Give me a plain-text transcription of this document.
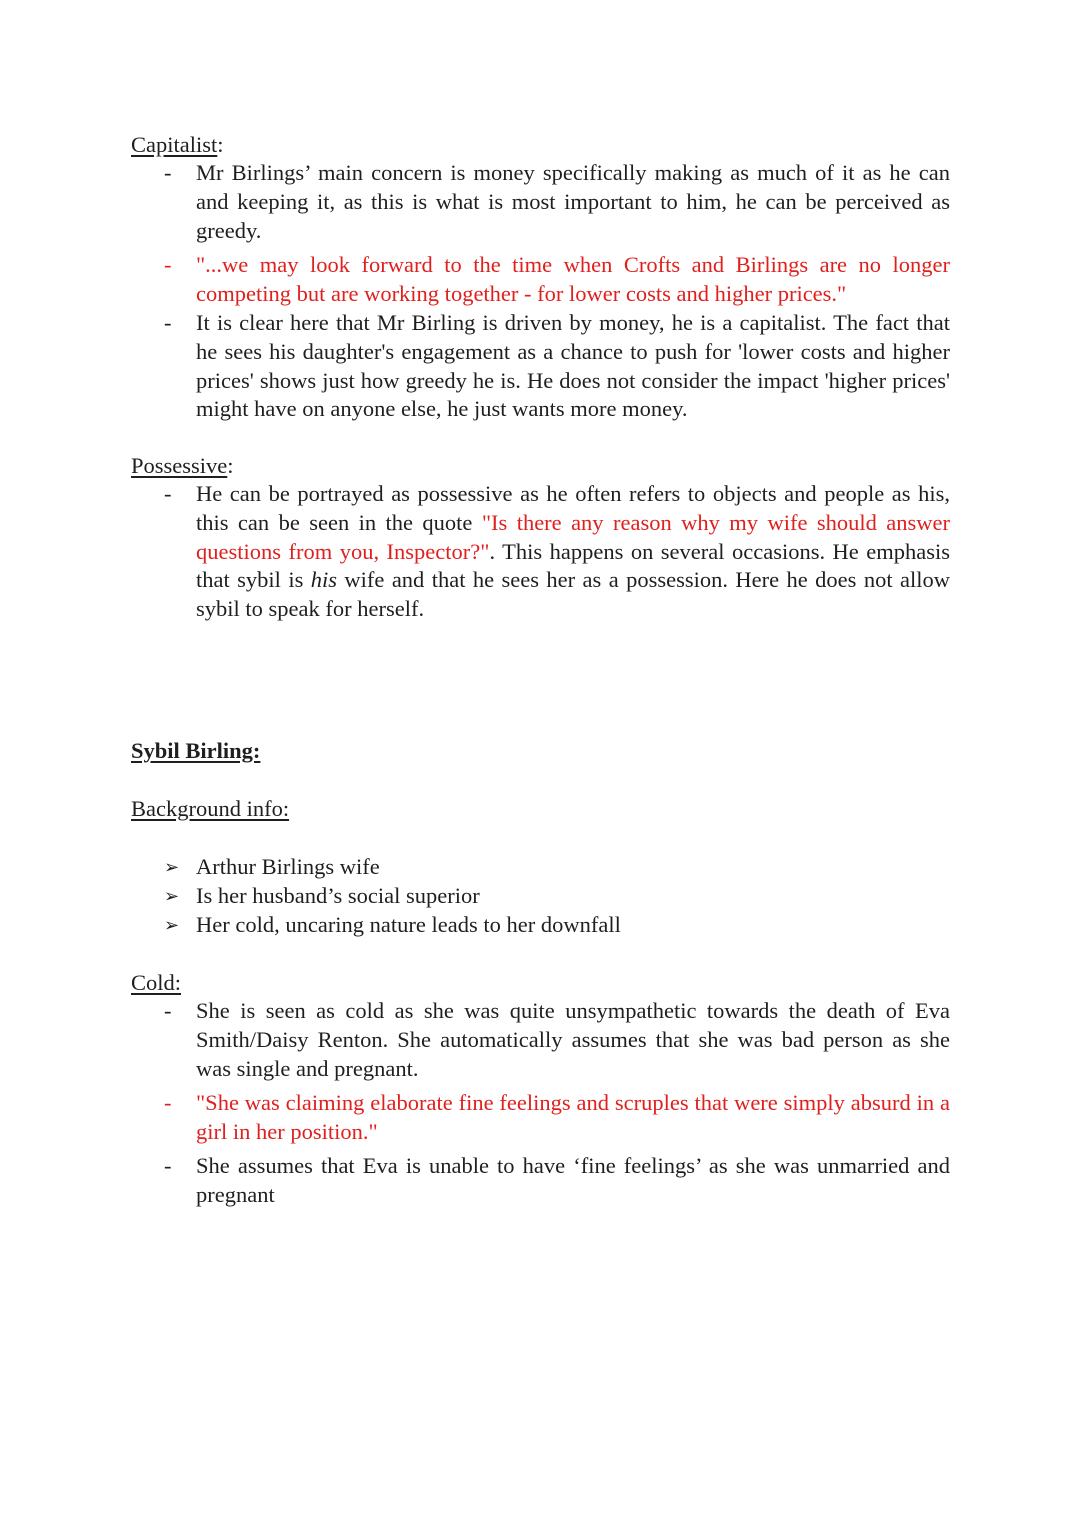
Capitalist:
-	Mr Birlings’ main concern is money specifically making as much of it as he can and keeping it, as this is what is most important to him, he can be perceived as greedy.
-	"...we may look forward to the time when Crofts and Birlings are no longer competing but are working together - for lower costs and higher prices."
-	It is clear here that Mr Birling is driven by money, he is a capitalist. The fact that he sees his daughter's engagement as a chance to push for 'lower costs and higher prices' shows just how greedy he is. He does not consider the impact 'higher prices' might have on anyone else, he just wants more money.
Possessive:
-	He can be portrayed as possessive as he often refers to objects and people as his, this can be seen in the quote "Is there any reason why my wife should answer questions from you, Inspector?". This happens on several occasions. He emphasis that sybil is his wife and that he sees her as a possession. Here he does not allow sybil to speak for herself.
Sybil Birling:
Background info:
➢ Arthur Birlings wife
➢ Is her husband’s social superior
➢ Her cold, uncaring nature leads to her downfall
Cold:
-	She is seen as cold as she was quite unsympathetic towards the death of Eva Smith/Daisy Renton. She automatically assumes that she was bad person as she was single and pregnant.
-	"She was claiming elaborate fine feelings and scruples that were simply absurd in a girl in her position."
-	She assumes that Eva is unable to have ‘fine feelings’ as she was unmarried and pregnant
